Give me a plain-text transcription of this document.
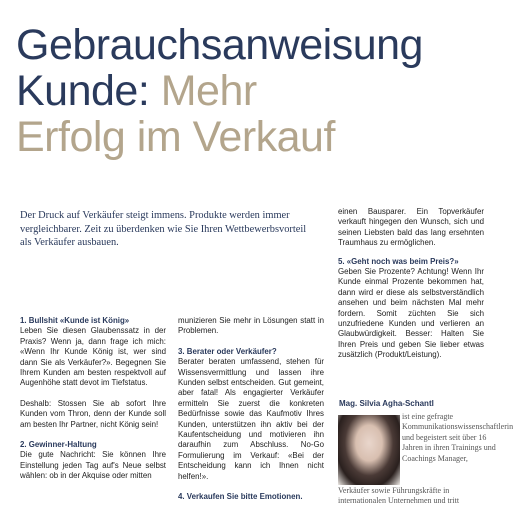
Gebrauchsanweisung
Kunde: Mehr
Erfolg im Verkauf
Der Druck auf Verkäufer steigt immens. Produkte werden immer vergleichbarer. Zeit zu überdenken wie Sie Ihren Wettbewerbsvorteil als Verkäufer ausbauen.
1. Bullshit «Kunde ist König»

Leben Sie diesen Glaubenssatz in der Praxis? Wenn ja, dann frage ich mich: «Wenn Ihr Kunde König ist, wer sind dann Sie als Verkäufer?». Begegnen Sie Ihrem Kunden am besten respektvoll auf Augenhöhe statt devot im Tiefstatus.

Deshalb: Stossen Sie ab sofort Ihre Kunden vom Thron, denn der Kunde soll am besten Ihr Partner, nicht König sein!

2. Gewinner-Haltung

Die gute Nachricht: Sie können Ihre Einstellung jeden Tag auf's Neue selbst wählen: ob in der Akquise oder mitten

munizieren Sie mehr in Lösungen statt in Problemen.

3. Berater oder Verkäufer?

Berater beraten umfassend, stehen für Wissensvermittlung und lassen ihre Kunden selbst entscheiden. Gut gemeint, aber fatal! Als engagierter Verkäufer ermitteln Sie zuerst die konkreten Bedürfnisse sowie das Kaufmotiv Ihres Kunden, unterstützen ihn aktiv bei der Kaufentscheidung und motivieren ihn daraufhin zum Abschluss. No-Go Formulierung im Verkauf: «Bei der Entscheidung kann ich Ihnen nicht helfen!».

4. Verkaufen Sie bitte Emotionen.

einen Bausparer. Ein Topverkäufer verkauft hingegen den Wunsch, sich und seinen Liebsten bald das lang ersehnten Traumhaus zu ermöglichen.

5. «Geht noch was beim Preis?»

Geben Sie Prozente? Achtung! Wenn Ihr Kunde einmal Prozente bekommen hat, dann wird er diese als selbstverständlich ansehen und beim nächsten Mal mehr fordern. Somit züchten Sie sich unzufriedene Kunden und verlieren an Glaubwürdigkeit. Besser: Halten Sie Ihren Preis und geben Sie lieber etwas zusätzlich (Produkt/Leistung).

Mag. Silvia Agha-Schantl
ist eine gefragte Kommunikationswissenschaftlerin und begeistert seit über 16 Jahren in ihren Trainings und Coachings Manager,
Verkäufer sowie Führungskräfte in internationalen Unternehmen und tritt
